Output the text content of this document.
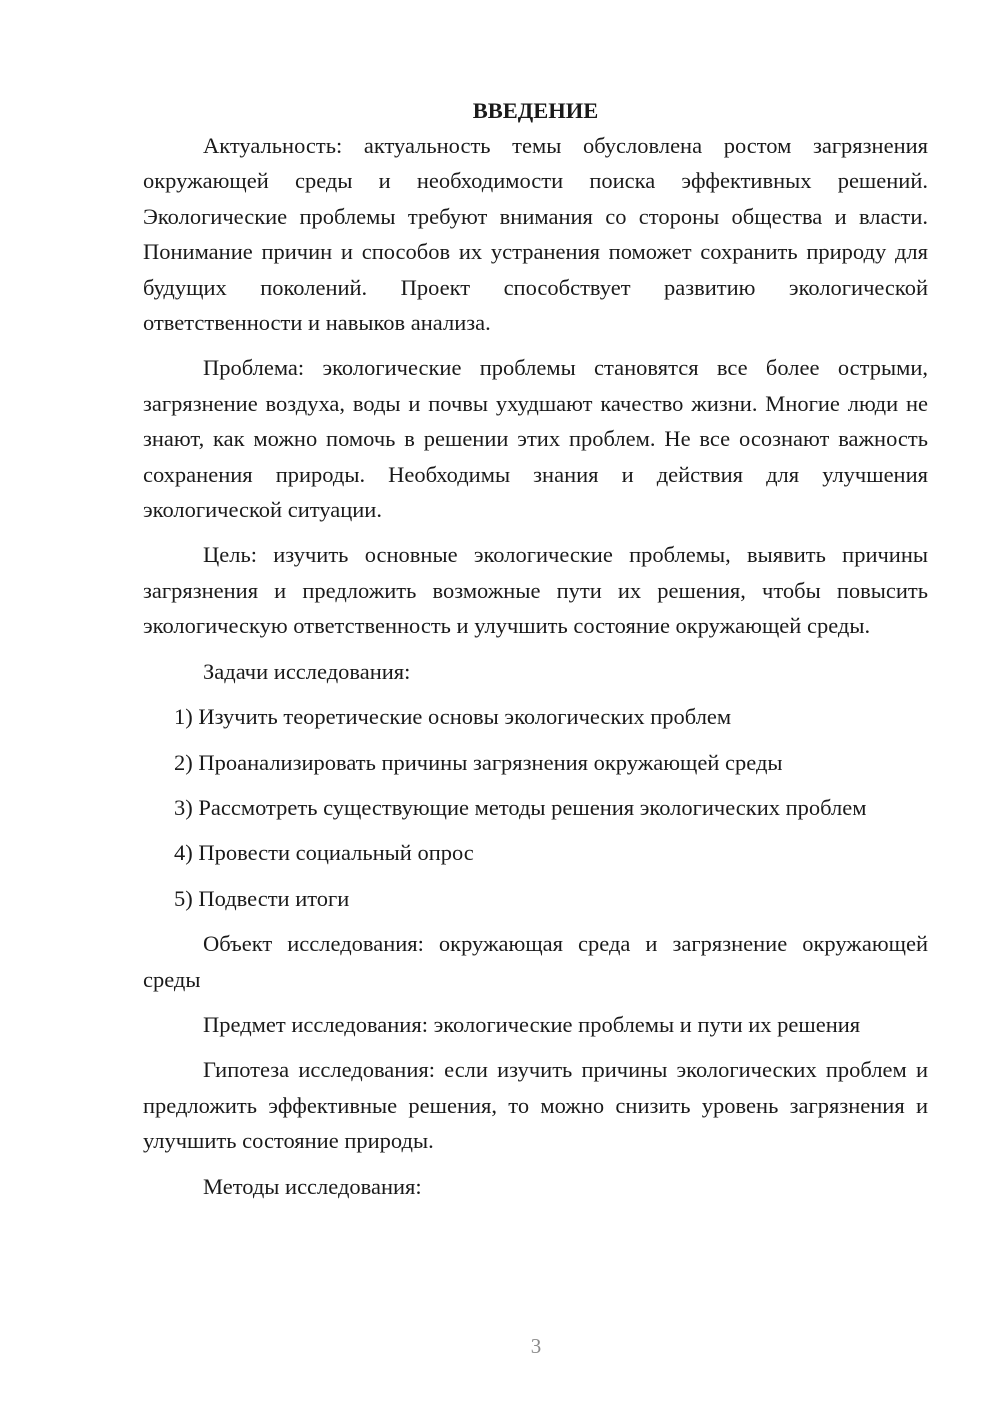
ВВЕДЕНИЕ

Актуальность: актуальность темы обусловлена ростом загрязнения окружающей среды и необходимости поиска эффективных решений. Экологические проблемы требуют внимания со стороны общества и власти. Понимание причин и способов их устранения поможет сохранить природу для будущих поколений. Проект способствует развитию экологической ответственности и навыков анализа.

Проблема: экологические проблемы становятся все более острыми, загрязнение воздуха, воды и почвы ухудшают качество жизни. Многие люди не знают, как можно помочь в решении этих проблем. Не все осознают важность сохранения природы. Необходимы знания и действия для улучшения экологической ситуации.

Цель: изучить основные экологические проблемы, выявить причины загрязнения и предложить возможные пути их решения, чтобы повысить экологическую ответственность и улучшить состояние окружающей среды.

Задачи исследования:

1) Изучить теоретические основы экологических проблем

2) Проанализировать причины загрязнения окружающей среды

3) Рассмотреть существующие методы решения экологических проблем

4) Провести социальный опрос

5) Подвести итоги

Объект исследования: окружающая среда и загрязнение окружающей среды

Предмет исследования: экологические проблемы и пути их решения

Гипотеза исследования: если изучить причины экологических проблем и предложить эффективные решения, то можно снизить уровень загрязнения и улучшить состояние природы.

Методы исследования:

3
